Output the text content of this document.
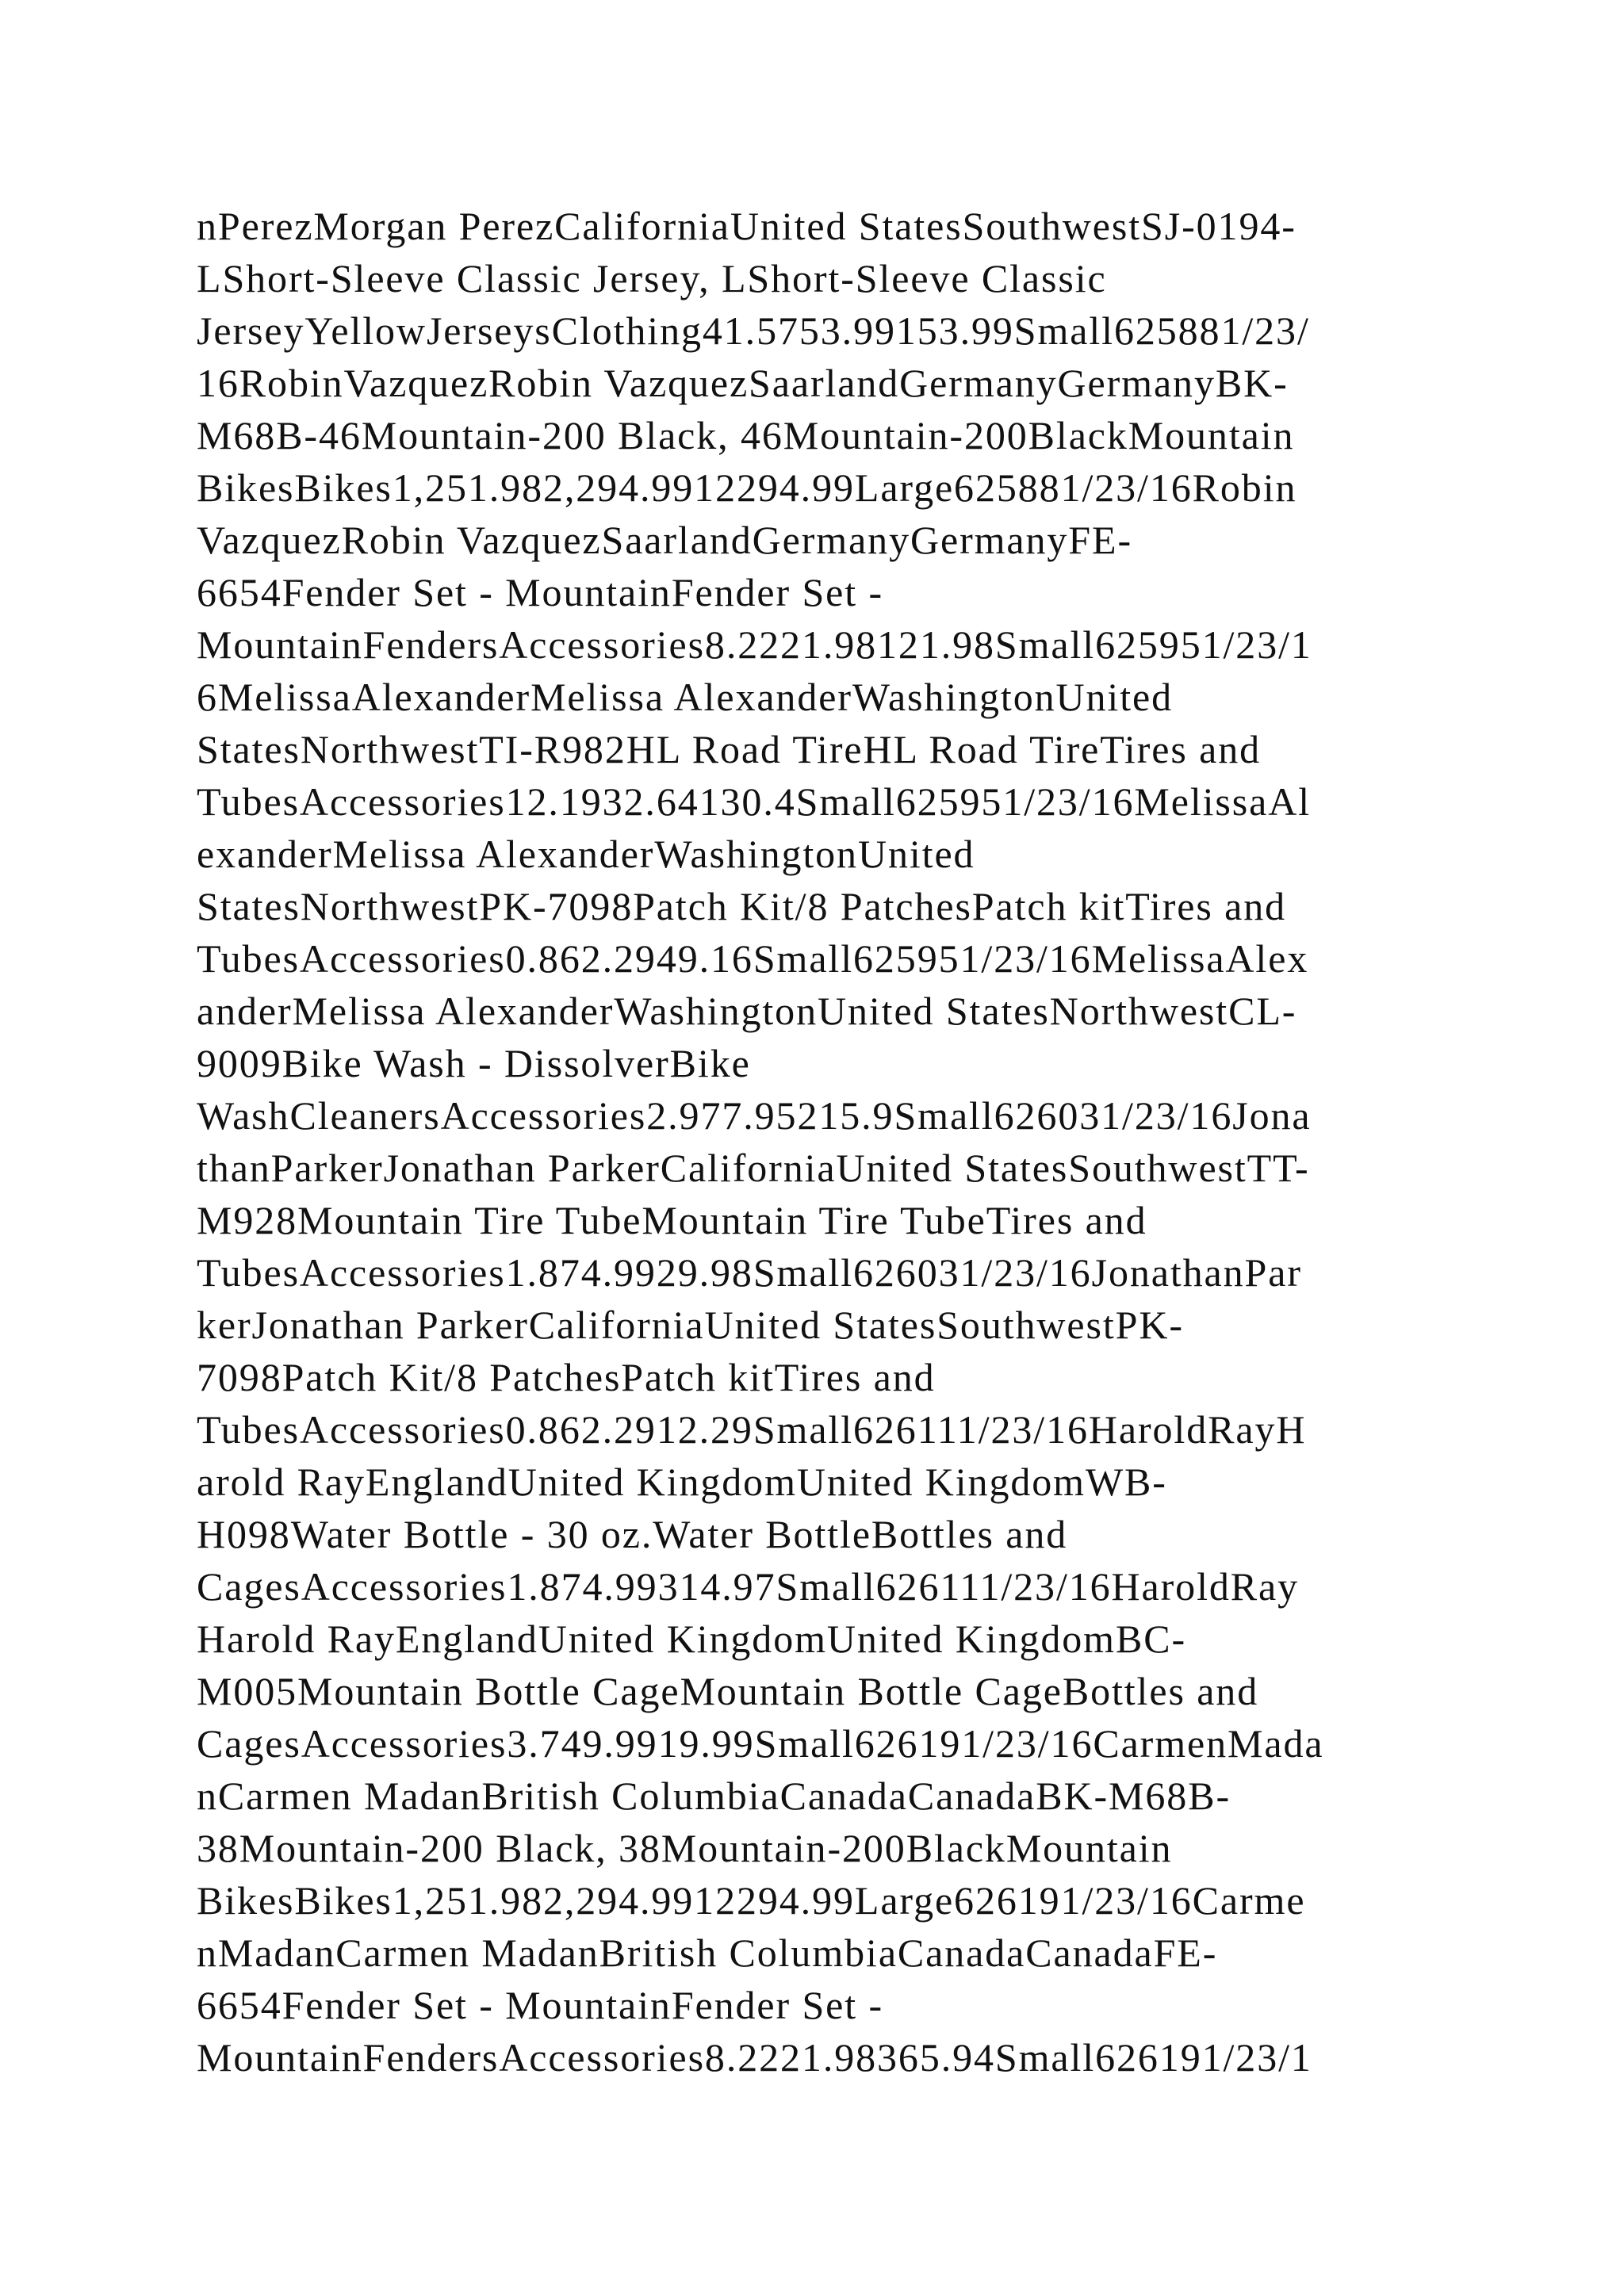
nPerezMorgan PerezCaliforniaUnited StatesSouthwestSJ-0194-
LShort-Sleeve Classic Jersey, LShort-Sleeve Classic
JerseyYellowJerseysClothing41.5753.99153.99Small625881/23/
16RobinVazquezRobin VazquezSaarlandGermanyGermanyBK-
M68B-46Mountain-200 Black, 46Mountain-200BlackMountain
BikesBikes1,251.982,294.9912294.99Large625881/23/16Robin
VazquezRobin VazquezSaarlandGermanyGermanyFE-
6654Fender Set - MountainFender Set -
MountainFendersAccessories8.2221.98121.98Small625951/23/1
6MelissaAlexanderMelissa AlexanderWashingtonUnited
StatesNorthwestTI-R982HL Road TireHL Road TireTires and
TubesAccessories12.1932.64130.4Small625951/23/16MelissaAl
exanderMelissa AlexanderWashingtonUnited
StatesNorthwestPK-7098Patch Kit/8 PatchesPatch kitTires and
TubesAccessories0.862.2949.16Small625951/23/16MelissaAlex
anderMelissa AlexanderWashingtonUnited StatesNorthwestCL-
9009Bike Wash - DissolverBike
WashCleanersAccessories2.977.95215.9Small626031/23/16Jona
thanParkerJonathan ParkerCaliforniaUnited StatesSouthwestTT-
M928Mountain Tire TubeMountain Tire TubeTires and
TubesAccessories1.874.9929.98Small626031/23/16JonathanPar
kerJonathan ParkerCaliforniaUnited StatesSouthwestPK-
7098Patch Kit/8 PatchesPatch kitTires and
TubesAccessories0.862.2912.29Small626111/23/16HaroldRayH
arold RayEnglandUnited KingdomUnited KingdomWB-
H098Water Bottle - 30 oz.Water BottleBottles and
CagesAccessories1.874.99314.97Small626111/23/16HaroldRay
Harold RayEnglandUnited KingdomUnited KingdomBC-
M005Mountain Bottle CageMountain Bottle CageBottles and
CagesAccessories3.749.9919.99Small626191/23/16CarmenMada
nCarmen MadanBritish ColumbiaCanadaCanadaBK-M68B-
38Mountain-200 Black, 38Mountain-200BlackMountain
BikesBikes1,251.982,294.9912294.99Large626191/23/16Carme
nMadanCarmen MadanBritish ColumbiaCanadaCanadaFE-
6654Fender Set - MountainFender Set -
MountainFendersAccessories8.2221.98365.94Small626191/23/1
